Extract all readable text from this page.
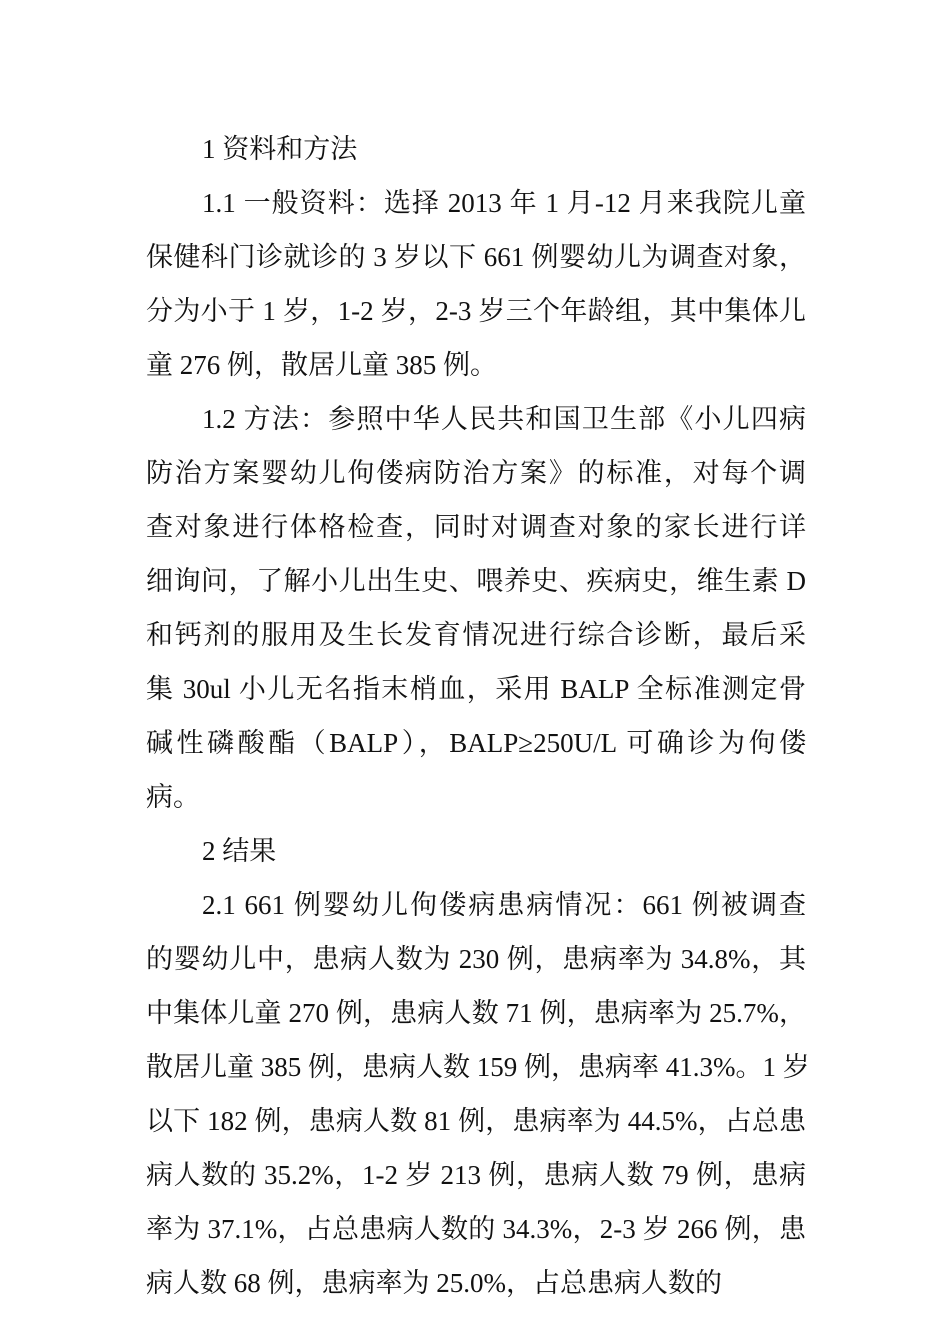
1 资料和方法
1.1 一般资料：选择 2013 年 1 月-12 月来我院儿童
保健科门诊就诊的 3 岁以下 661 例婴幼儿为调查对象，
分为小于 1 岁，1-2 岁，2-3 岁三个年龄组，其中集体儿
童 276 例，散居儿童 385 例。
1.2 方法：参照中华人民共和国卫生部《小儿四病
防治方案婴幼儿佝偻病防治方案》的标准，对每个调
查对象进行体格检查，同时对调查对象的家长进行详
细询问，了解小儿出生史、喂养史、疾病史，维生素 D
和钙剂的服用及生长发育情况进行综合诊断，最后采
集 30ul 小儿无名指末梢血，采用 BALP 全标准测定骨
碱性磷酸酯（BALP），BALP≥250U/L 可确诊为佝偻
病。
2 结果
2.1 661 例婴幼儿佝偻病患病情况：661 例被调查
的婴幼儿中，患病人数为 230 例，患病率为 34.8%，其
中集体儿童 270 例，患病人数 71 例，患病率为 25.7%，
散居儿童 385 例，患病人数 159 例，患病率 41.3%。1 岁
以下 182 例，患病人数 81 例，患病率为 44.5%，占总患
病人数的 35.2%，1-2 岁 213 例，患病人数 79 例，患病
率为 37.1%，占总患病人数的 34.3%，2-3 岁 266 例，患
病人数 68 例，患病率为 25.0%，占总患病人数的
